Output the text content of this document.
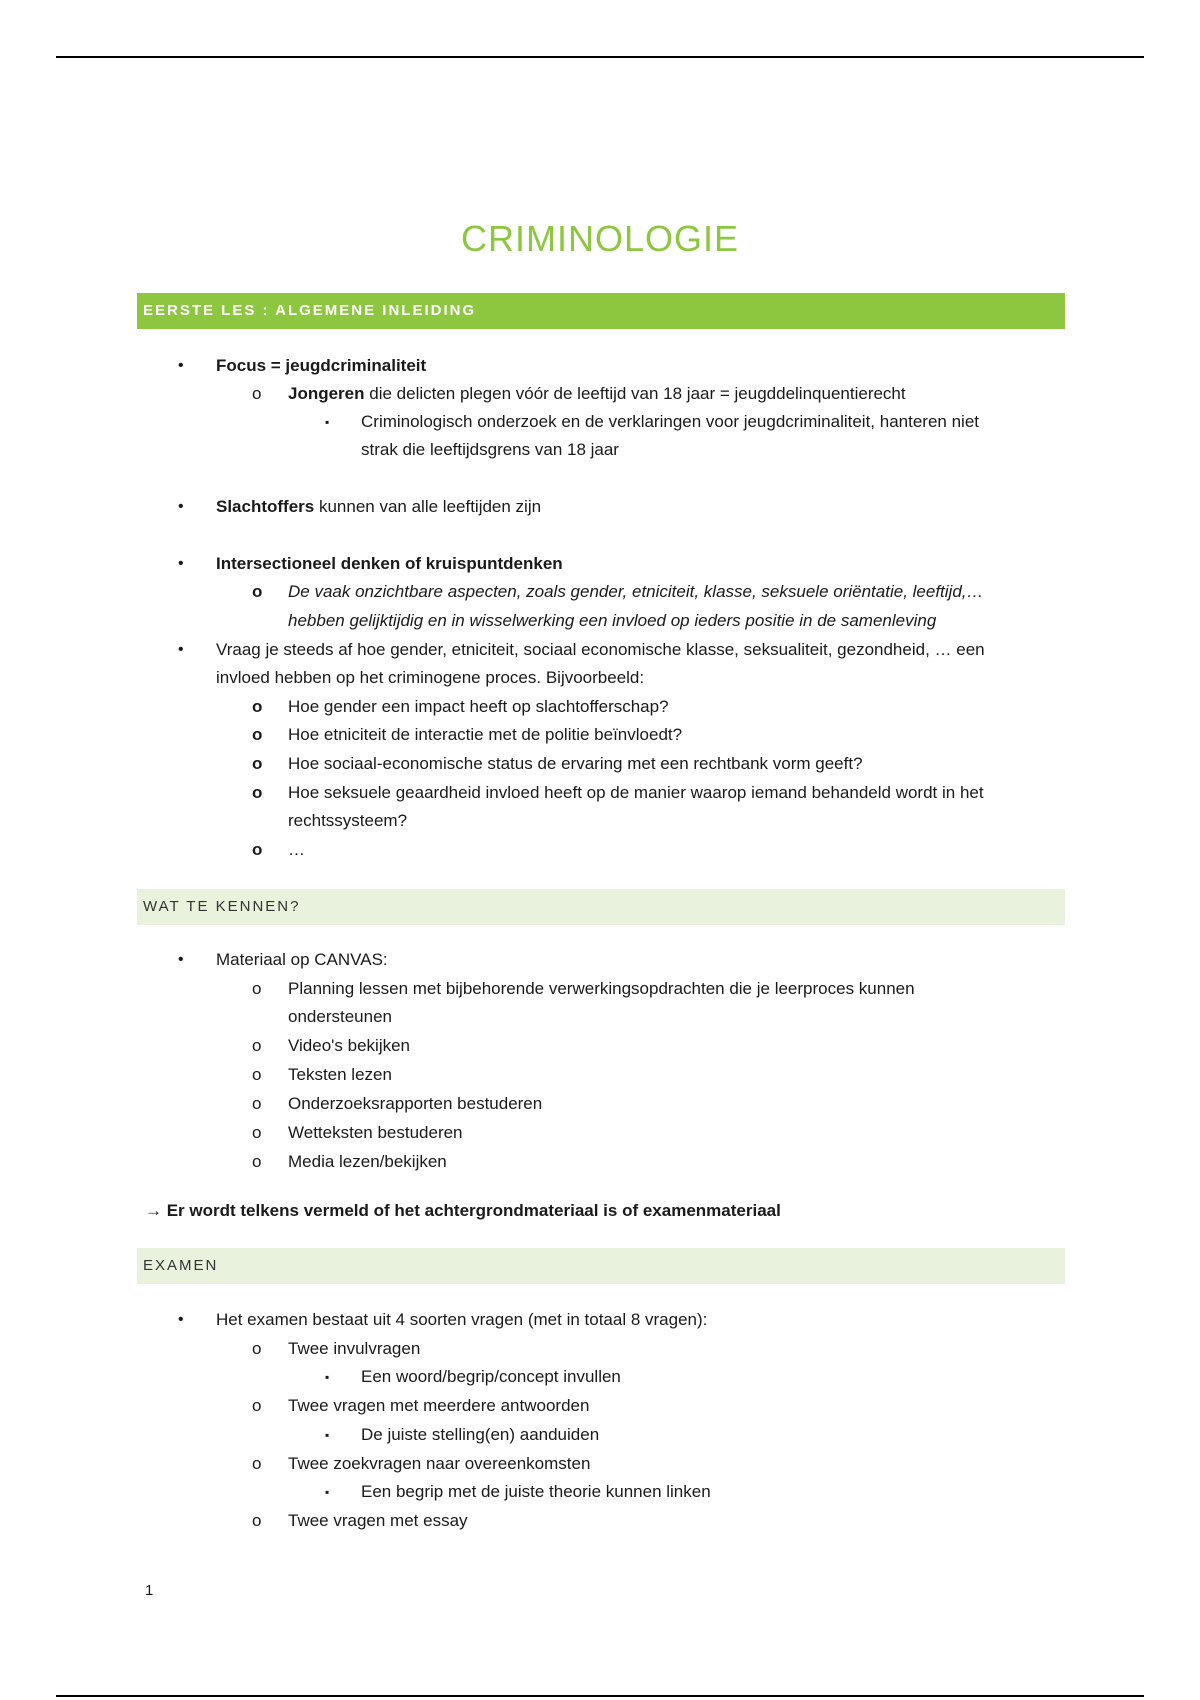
CRIMINOLOGIE
EERSTE LES : ALGEMENE INLEIDING
• Focus = jeugdcriminaliteit
o Jongeren die delicten plegen vóór de leeftijd van 18 jaar = jeugddelinquentierecht
▪ Criminologisch onderzoek en de verklaringen voor jeugdcriminaliteit, hanteren niet
strak die leeftijdsgrens van 18 jaar
• Slachtoffers kunnen van alle leeftijden zijn
• Intersectioneel denken of kruispuntdenken
o De vaak onzichtbare aspecten, zoals gender, etniciteit, klasse, seksuele oriëntatie, leeftijd,…
hebben gelijktijdig en in wisselwerking een invloed op ieders positie in de samenleving
• Vraag je steeds af hoe gender, etniciteit, sociaal economische klasse, seksualiteit, gezondheid, … een
invloed hebben op het criminogene proces. Bijvoorbeeld:
o Hoe gender een impact heeft op slachtofferschap?
o Hoe etniciteit de interactie met de politie beïnvloedt?
o Hoe sociaal-economische status de ervaring met een rechtbank vorm geeft?
o Hoe seksuele geaardheid invloed heeft op de manier waarop iemand behandeld wordt in het
rechtssysteem?
o …
WAT TE KENNEN?
• Materiaal op CANVAS:
o Planning lessen met bijbehorende verwerkingsopdrachten die je leerproces kunnen
ondersteunen
o Video's bekijken
o Teksten lezen
o Onderzoeksrapporten bestuderen
o Wetteksten bestuderen
o Media lezen/bekijken
→ Er wordt telkens vermeld of het achtergrondmateriaal is of examenmateriaal
EXAMEN
• Het examen bestaat uit 4 soorten vragen (met in totaal 8 vragen):
o Twee invulvragen
▪ Een woord/begrip/concept invullen
o Twee vragen met meerdere antwoorden
▪ De juiste stelling(en) aanduiden
o Twee zoekvragen naar overeenkomsten
▪ Een begrip met de juiste theorie kunnen linken
o Twee vragen met essay
1
